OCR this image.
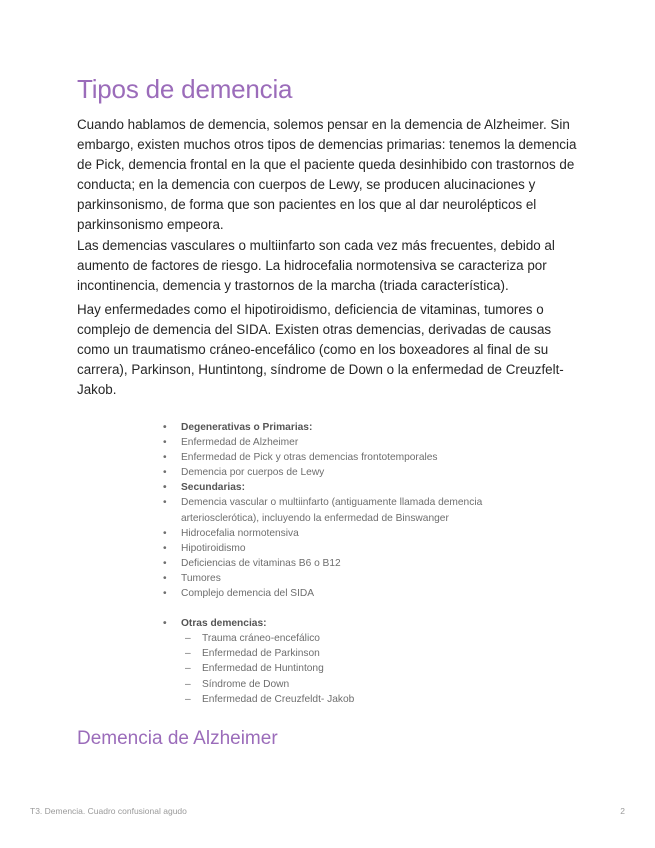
Tipos de demencia

Cuando hablamos de demencia, solemos pensar en la demencia de Alzheimer. Sin embargo, existen muchos otros tipos de demencias primarias: tenemos la demencia de Pick, demencia frontal en la que el paciente queda desinhibido con trastornos de conducta; en la demencia con cuerpos de Lewy, se producen alucinaciones y parkinsonismo, de forma que son pacientes en los que al dar neurolépticos el parkinsonismo empeora.

Las demencias vasculares o multiinfarto son cada vez más frecuentes, debido al aumento de factores de riesgo. La hidrocefalia normotensiva se caracteriza por incontinencia, demencia y trastornos de la marcha (triada característica).

Hay enfermedades como el hipotiroidismo, deficiencia de vitaminas, tumores o complejo de demencia del SIDA. Existen otras demencias, derivadas de causas como un traumatismo cráneo-encefálico (como en los boxeadores al final de su carrera), Parkinson, Huntintong, síndrome de Down o la enfermedad de Creuzfelt-Jakob.

• Degenerativas o Primarias:
• Enfermedad de Alzheimer
• Enfermedad de Pick y otras demencias frontotemporales
• Demencia por cuerpos de Lewy
• Secundarias:
• Demencia vascular o multiinfarto (antiguamente llamada demencia arteriosclerótica), incluyendo la enfermedad de Binswanger
• Hidrocefalia normotensiva
• Hipotiroidismo
• Deficiencias de vitaminas B6 o B12
• Tumores
• Complejo demencia del SIDA
• Otras demencias:
– Trauma cráneo-encefálico
– Enfermedad de Parkinson
– Enfermedad de Huntintong
– Síndrome de Down
– Enfermedad de Creuzfeldt- Jakob
Demencia de Alzheimer
T3. Demencia. Cuadro confusional agudo	2
